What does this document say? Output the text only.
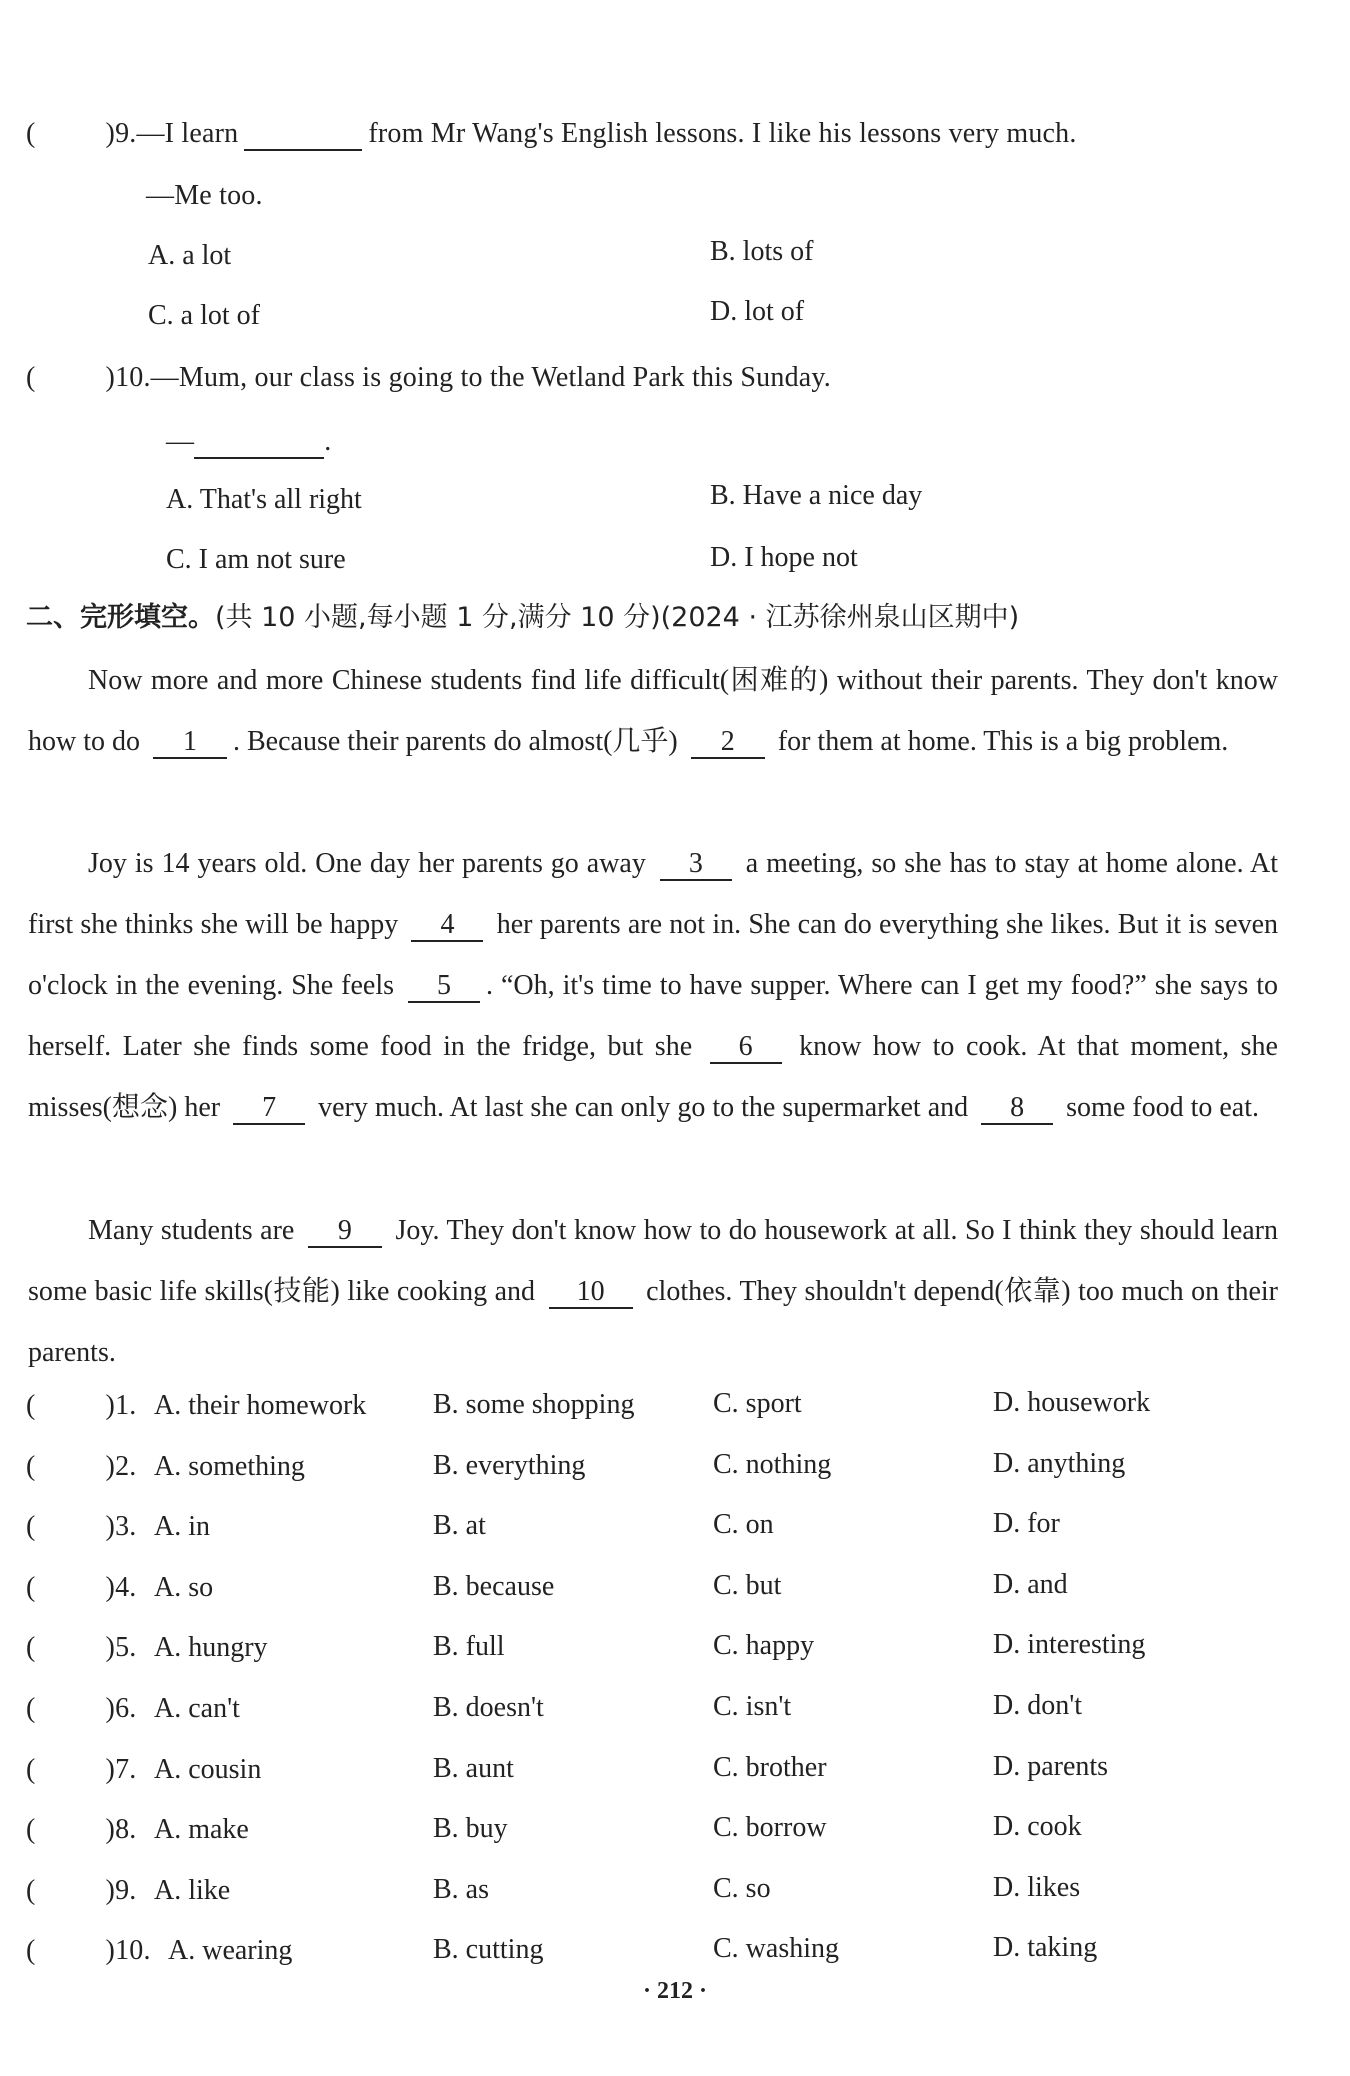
(	)9.—I learn	from Mr Wang's English lessons. I like his lessons very much.
—Me too.
A. a lot	B. lots of
C. a lot of	D. lot of
(	)10.—Mum, our class is going to the Wetland Park this Sunday.
—	.
A. That's all right	B. Have a nice day
C. I am not sure	D. I hope not
二、完形填空。(共 10 小题,每小题 1 分,满分 10 分)(2024 · 江苏徐州泉山区期中)
Now more and more Chinese students find life difficult(困难的) without their parents. They don't know how to do 1 . Because their parents do almost(几乎) 2 for them at home. This is a big problem.
Joy is 14 years old. One day her parents go away 3 a meeting, so she has to stay at home alone. At first she thinks she will be happy 4 her parents are not in. She can do everything she likes. But it is seven o'clock in the evening. She feels 5 . “Oh, it's time to have supper. Where can I get my food?” she says to herself. Later she finds some food in the fridge, but she 6 know how to cook. At that moment, she misses(想念) her 7 very much. At last she can only go to the supermarket and 8 some food to eat.
Many students are 9 Joy. They don't know how to do housework at all. So I think they should learn some basic life skills(技能) like cooking and 10 clothes. They shouldn't depend(依靠) too much on their parents.
(	)1. A. their homework B. some shopping	C. sport	D. housework
(	)2. A. something	B. everything	C. nothing	D. anything
(	)3. A. in	B. at	C. on	D. for
(	)4. A. so	B. because	C. but	D. and
(	)5. A. hungry	B. full	C. happy	D. interesting
(	)6. A. can't	B. doesn't	C. isn't	D. don't
(	)7. A. cousin	B. aunt	C. brother	D. parents
(	)8. A. make	B. buy	C. borrow	D. cook
(	)9. A. like	B. as	C. so	D. likes
(	)10. A. wearing	B. cutting	C. washing	D. taking
· 212 ·
